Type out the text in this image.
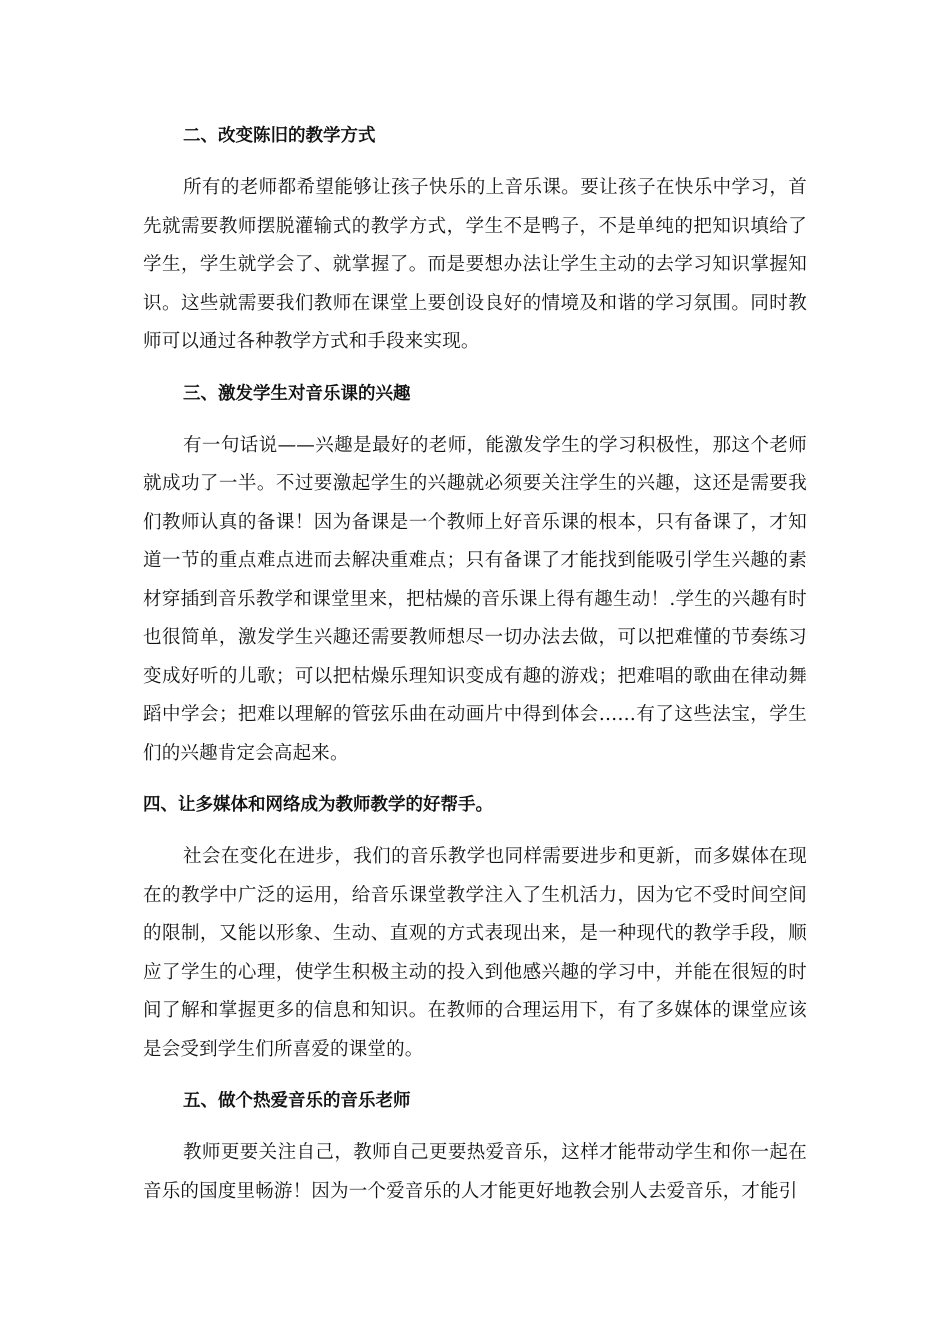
二、改变陈旧的教学方式

所有的老师都希望能够让孩子快乐的上音乐课。要让孩子在快乐中学习，首先就需要教师摆脱灌输式的教学方式，学生不是鸭子，不是单纯的把知识填给了学生，学生就学会了、就掌握了。而是要想办法让学生主动的去学习知识掌握知识。这些就需要我们教师在课堂上要创设良好的情境及和谐的学习氛围。同时教师可以通过各种教学方式和手段来实现。

三、激发学生对音乐课的兴趣

有一句话说——兴趣是最好的老师，能激发学生的学习积极性，那这个老师就成功了一半。不过要激起学生的兴趣就必须要关注学生的兴趣，这还是需要我们教师认真的备课！因为备课是一个教师上好音乐课的根本，只有备课了，才知道一节的重点难点进而去解决重难点；只有备课了才能找到能吸引学生兴趣的素材穿插到音乐教学和课堂里来，把枯燥的音乐课上得有趣生动！.学生的兴趣有时也很简单，激发学生兴趣还需要教师想尽一切办法去做，可以把难懂的节奏练习变成好听的儿歌；可以把枯燥乐理知识变成有趣的游戏；把难唱的歌曲在律动舞蹈中学会；把难以理解的管弦乐曲在动画片中得到体会……有了这些法宝，学生们的兴趣肯定会高起来。

四、让多媒体和网络成为教师教学的好帮手。

社会在变化在进步，我们的音乐教学也同样需要进步和更新，而多媒体在现在的教学中广泛的运用，给音乐课堂教学注入了生机活力，因为它不受时间空间的限制，又能以形象、生动、直观的方式表现出来，是一种现代的教学手段，顺应了学生的心理，使学生积极主动的投入到他感兴趣的学习中，并能在很短的时间了解和掌握更多的信息和知识。在教师的合理运用下，有了多媒体的课堂应该是会受到学生们所喜爱的课堂的。

五、做个热爱音乐的音乐老师

教师更要关注自己，教师自己更要热爱音乐，这样才能带动学生和你一起在音乐的国度里畅游！因为一个爱音乐的人才能更好地教会别人去爱音乐，才能引
